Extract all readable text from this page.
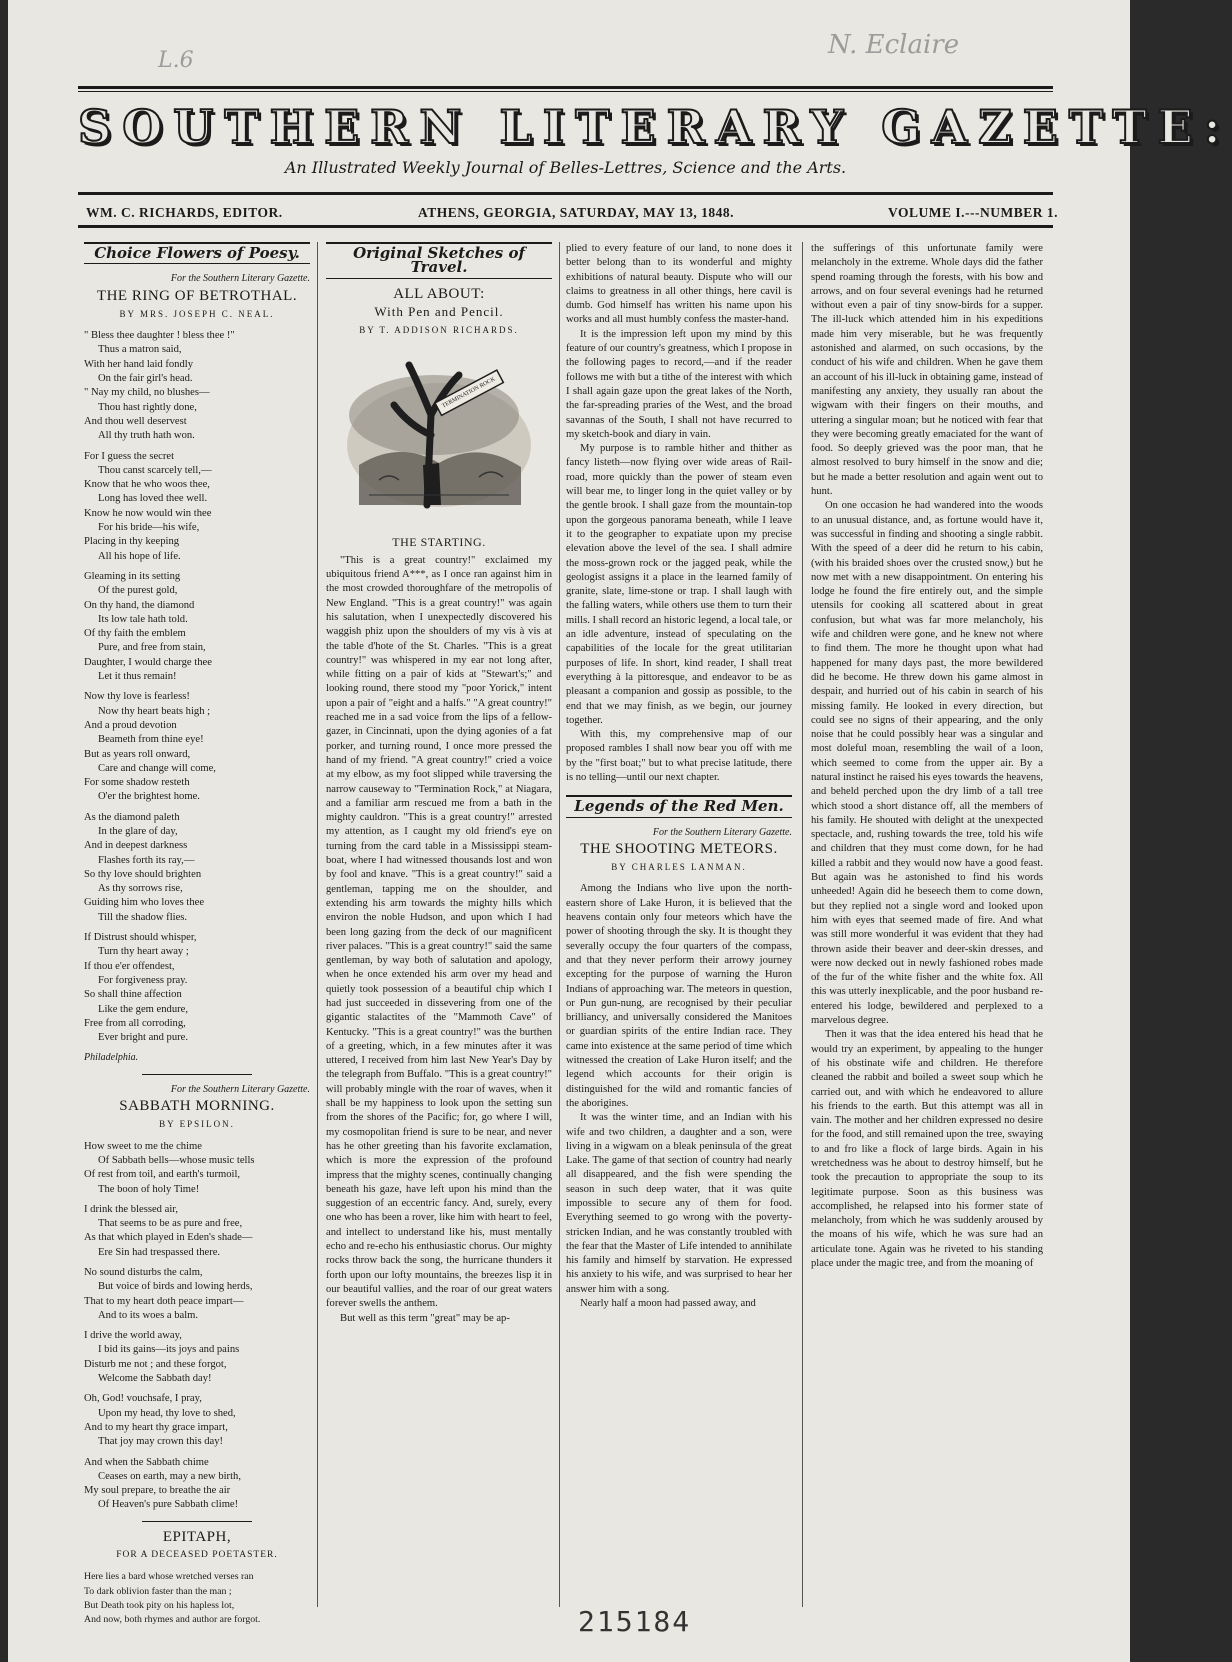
L.6
N. Eclaire
SOUTHERN LITERARY GAZETTE:
An Illustrated Weekly Journal of Belles-Lettres, Science and the Arts.
WM. C. RICHARDS, EDITOR.	ATHENS, GEORGIA, SATURDAY, MAY 13, 1848.	VOLUME I.---NUMBER 1.
Choice Flowers of Poesy.
For the Southern Literary Gazette.
THE RING OF BETROTHAL.
BY MRS. JOSEPH C. NEAL.
" Bless thee daughter ! bless thee !"
Thus a matron said,
With her hand laid fondly
On the fair girl's head.
" Nay my child, no blushes—
Thou hast rightly done,
And thou well deservest
All thy truth hath won.
For I guess the secret
Thou canst scarcely tell,—
Know that he who woos thee,
Long has loved thee well.
Know he now would win thee
For his bride—his wife,
Placing in thy keeping
All his hope of life.
Gleaming in its setting
Of the purest gold,
On thy hand, the diamond
Its low tale hath told.
Of thy faith the emblem
Pure, and free from stain,
Daughter, I would charge thee
Let it thus remain!
Now thy love is fearless!
Now thy heart beats high ;
And a proud devotion
Beameth from thine eye!
But as years roll onward,
Care and change will come,
For some shadow resteth
O'er the brightest home.
As the diamond paleth
In the glare of day,
And in deepest darkness
Flashes forth its ray,—
So thy love should brighten
As thy sorrows rise,
Guiding him who loves thee
Till the shadow flies.
If Distrust should whisper,
Turn thy heart away ;
If thou e'er offendest,
For forgiveness pray.
So shall thine affection
Like the gem endure,
Free from all corroding,
Ever bright and pure.
Philadelphia.
For the Southern Literary Gazette.
SABBATH MORNING.
BY EPSILON.
How sweet to me the chime
Of Sabbath bells—whose music tells
Of rest from toil, and earth's turmoil,
The boon of holy Time!
I drink the blessed air,
That seems to be as pure and free,
As that which played in Eden's shade—
Ere Sin had trespassed there.
No sound disturbs the calm,
But voice of birds and lowing herds,
That to my heart doth peace impart—
And to its woes a balm.
I drive the world away,
I bid its gains—its joys and pains
Disturb me not ; and these forgot,
Welcome the Sabbath day!
Oh, God! vouchsafe, I pray,
Upon my head, thy love to shed,
And to my heart thy grace impart,
That joy may crown this day!
And when the Sabbath chime
Ceases on earth, may a new birth,
My soul prepare, to breathe the air
Of Heaven's pure Sabbath clime!
EPITAPH,
FOR A DECEASED POETASTER.
Here lies a bard whose wretched verses ran
To dark oblivion faster than the man ;
But Death took pity on his hapless lot,
And now, both rhymes and author are forgot.
Original Sketches of Travel.
ALL ABOUT:
With Pen and Pencil.
BY T. ADDISON RICHARDS.
TERMINATION ROCK
THE STARTING.

"This is a great country!" exclaimed my ubiquitous friend A***, as I once ran against him in the most crowded thoroughfare of the metropolis of New England. "This is a great country!" was again his salutation, when I unexpectedly discovered his waggish phiz upon the shoulders of my vis à vis at the table d'hote of the St. Charles. "This is a great country!" was whispered in my ear not long after, while fitting on a pair of kids at "Stewart's;" and looking round, there stood my "poor Yorick," intent upon a pair of "eight and a halfs." "A great country!" reached me in a sad voice from the lips of a fellow-gazer, in Cincinnati, upon the dying agonies of a fat porker, and turning round, I once more pressed the hand of my friend. "A great country!" cried a voice at my elbow, as my foot slipped while traversing the narrow causeway to "Termination Rock," at Niagara, and a familiar arm rescued me from a bath in the mighty cauldron. "This is a great country!" arrested my attention, as I caught my old friend's eye on turning from the card table in a Mississippi steam-boat, where I had witnessed thousands lost and won by fool and knave. "This is a great country!" said a gentleman, tapping me on the shoulder, and extending his arm towards the mighty hills which environ the noble Hudson, and upon which I had been long gazing from the deck of our magnificent river palaces. "This is a great country!" said the same gentleman, by way both of salutation and apology, when he once extended his arm over my head and quietly took possession of a beautiful chip which I had just succeeded in dissevering from one of the gigantic stalactites of the "Mammoth Cave" of Kentucky. "This is a great country!" was the burthen of a greeting, which, in a few minutes after it was uttered, I received from him last New Year's Day by the telegraph from Buffalo. "This is a great country!" will probably mingle with the roar of waves, when it shall be my happiness to look upon the setting sun from the shores of the Pacific; for, go where I will, my cosmopolitan friend is sure to be near, and never has he other greeting than his favorite exclamation, which is more the expression of the profound impress that the mighty scenes, continually changing beneath his gaze, have left upon his mind than the suggestion of an eccentric fancy. And, surely, every one who has been a rover, like him with heart to feel, and intellect to understand like his, must mentally echo and re-echo his enthusiastic chorus. Our mighty rocks throw back the song, the hurricane thunders it forth upon our lofty mountains, the breezes lisp it in our beautiful vallies, and the roar of our great waters forever swells the anthem.

But well as this term "great" may be ap-

plied to every feature of our land, to none does it better belong than to its wonderful and mighty exhibitions of natural beauty. Dispute who will our claims to greatness in all other things, here cavil is dumb. God himself has written his name upon his works and all must humbly confess the master-hand.

It is the impression left upon my mind by this feature of our country's greatness, which I propose in the following pages to record,—and if the reader follows me with but a tithe of the interest with which I shall again gaze upon the great lakes of the North, the far-spreading praries of the West, and the broad savannas of the South, I shall not have recurred to my sketch-book and diary in vain.

My purpose is to ramble hither and thither as fancy listeth—now flying over wide areas of Rail-road, more quickly than the power of steam even will bear me, to linger long in the quiet valley or by the gentle brook. I shall gaze from the mountain-top upon the gorgeous panorama beneath, while I leave it to the geographer to expatiate upon my precise elevation above the level of the sea. I shall admire the moss-grown rock or the jagged peak, while the geologist assigns it a place in the learned family of granite, slate, lime-stone or trap. I shall laugh with the falling waters, while others use them to turn their mills. I shall record an historic legend, a local tale, or an idle adventure, instead of speculating on the capabilities of the locale for the great utilitarian purposes of life. In short, kind reader, I shall treat everything à la pittoresque, and endeavor to be as pleasant a companion and gossip as possible, to the end that we may finish, as we begin, our journey together.

With this, my comprehensive map of our proposed rambles I shall now bear you off with me by the "first boat;" but to what precise latitude, there is no telling—until our next chapter.

Legends of the Red Men.
For the Southern Literary Gazette.
THE SHOOTING METEORS.
BY CHARLES LANMAN.

Among the Indians who live upon the north-eastern shore of Lake Huron, it is believed that the heavens contain only four meteors which have the power of shooting through the sky. It is thought they severally occupy the four quarters of the compass, and that they never perform their arrowy journey excepting for the purpose of warning the Huron Indians of approaching war. The meteors in question, or Pun gun-nung, are recognised by their peculiar brilliancy, and universally considered the Manitoes or guardian spirits of the entire Indian race. They came into existence at the same period of time which witnessed the creation of Lake Huron itself; and the legend which accounts for their origin is distinguished for the wild and romantic fancies of the aborigines.

It was the winter time, and an Indian with his wife and two children, a daughter and a son, were living in a wigwam on a bleak peninsula of the great Lake. The game of that section of country had nearly all disappeared, and the fish were spending the season in such deep water, that it was quite impossible to secure any of them for food. Everything seemed to go wrong with the poverty-stricken Indian, and he was constantly troubled with the fear that the Master of Life intended to annihilate his family and himself by starvation. He expressed his anxiety to his wife, and was surprised to hear her answer him with a song.

Nearly half a moon had passed away, and

the sufferings of this unfortunate family were melancholy in the extreme. Whole days did the father spend roaming through the forests, with his bow and arrows, and on four several evenings had he returned without even a pair of tiny snow-birds for a supper. The ill-luck which attended him in his expeditions made him very miserable, but he was frequently astonished and alarmed, on such occasions, by the conduct of his wife and children. When he gave them an account of his ill-luck in obtaining game, instead of manifesting any anxiety, they usually ran about the wigwam with their fingers on their mouths, and uttering a singular moan; but he noticed with fear that they were becoming greatly emaciated for the want of food. So deeply grieved was the poor man, that he almost resolved to bury himself in the snow and die; but he made a better resolution and again went out to hunt.

On one occasion he had wandered into the woods to an unusual distance, and, as fortune would have it, was successful in finding and shooting a single rabbit. With the speed of a deer did he return to his cabin, (with his braided shoes over the crusted snow,) but he now met with a new disappointment. On entering his lodge he found the fire entirely out, and the simple utensils for cooking all scattered about in great confusion, but what was far more melancholy, his wife and children were gone, and he knew not where to find them. The more he thought upon what had happened for many days past, the more bewildered did he become. He threw down his game almost in despair, and hurried out of his cabin in search of his missing family. He looked in every direction, but could see no signs of their appearing, and the only noise that he could possibly hear was a singular and most doleful moan, resembling the wail of a loon, which seemed to come from the upper air. By a natural instinct he raised his eyes towards the heavens, and beheld perched upon the dry limb of a tall tree which stood a short distance off, all the members of his family. He shouted with delight at the unexpected spectacle, and, rushing towards the tree, told his wife and children that they must come down, for he had killed a rabbit and they would now have a good feast. But again was he astonished to find his words unheeded! Again did he beseech them to come down, but they replied not a single word and looked upon him with eyes that seemed made of fire. And what was still more wonderful it was evident that they had thrown aside their beaver and deer-skin dresses, and were now decked out in newly fashioned robes made of the fur of the white fisher and the white fox. All this was utterly inexplicable, and the poor husband re-entered his lodge, bewildered and perplexed to a marvelous degree.

Then it was that the idea entered his head that he would try an experiment, by appealing to the hunger of his obstinate wife and children. He therefore cleaned the rabbit and boiled a sweet soup which he carried out, and with which he endeavored to allure his friends to the earth. But this attempt was all in vain. The mother and her children expressed no desire for the food, and still remained upon the tree, swaying to and fro like a flock of large birds. Again in his wretchedness was he about to destroy himself, but he took the precaution to appropriate the soup to its legitimate purpose. Soon as this business was accomplished, he relapsed into his former state of melancholy, from which he was suddenly aroused by the moans of his wife, which he was sure had an articulate tone. Again was he riveted to his standing place under the magic tree, and from the moaning of

215184
